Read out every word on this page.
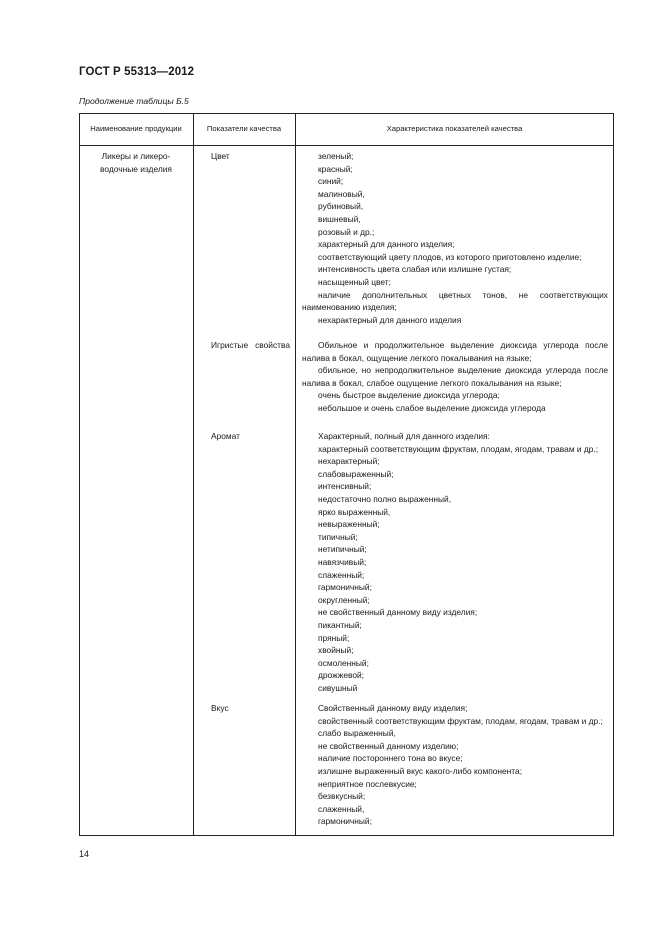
ГОСТ Р 55313—2012
Продолжение таблицы Б.5
Наименование продукции	Показатели качества	Характеристика показателей качества
Ликеры и ликеро-водочные изделия
Цвет
Игристые свойства
Аромат
Вкус

зеленый;

красный;

синий;

малиновый,

рубиновый,

вишневый,

розовый и др.;

характерный для данного изделия;

соответствующий цвету плодов, из которого приготовлено изделие;

интенсивность цвета слабая или излишне густая;

насыщенный цвет;

наличие дополнительных цветных тонов, не соответствующих наименованию изделия;

нехарактерный для данного изделия

Обильное и продолжительное выделение диоксида углерода после налива в бокал, ощущение легкого покалывания на языке;

обильное, но непродолжительное выделение диоксида углерода после налива в бокал, слабое ощущение легкого покалывания на языке;

очень быстрое выделение диоксида углерода;

небольшое и очень слабое выделение диоксида углерода

Характерный, полный для данного изделия:

характерный соответствующим фруктам, плодам, ягодам, травам и др.;

нехарактерный;

слабовыраженный;

интенсивный;

недостаточно полно выраженный,

ярко выраженный,

невыраженный;

типичный;

нетипичный;

навязчивый;

слаженный;

гармоничный;

округленный;

не свойственный данному виду изделия;

пикантный;

пряный;

хвойный;

осмоленный;

дрожжевой;

сивушный

Свойственный данному виду изделия;

свойственный соответствующим фруктам, плодам, ягодам, травам и др.;

слабо выраженный,

не свойственный данному изделию;

наличие постороннего тона во вкусе;

излишне выраженный вкус какого-либо компонента;

неприятное послевкусие;

безвкусный;

слаженный,

гармоничный;

14
